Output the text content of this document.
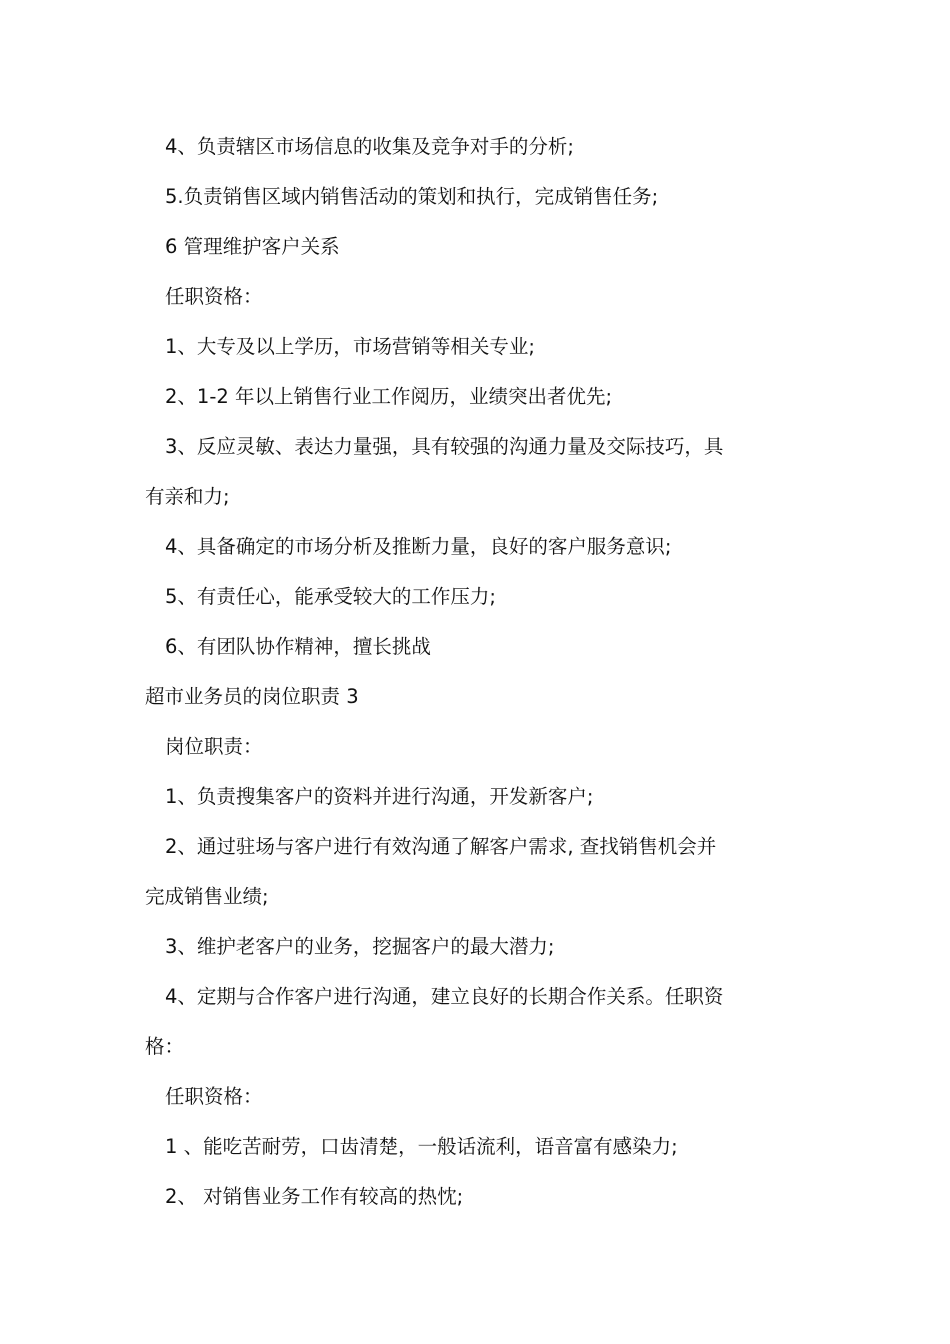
4、负责辖区市场信息的收集及竞争对手的分析;
5.负责销售区域内销售活动的策划和执行，完成销售任务;
6 管理维护客户关系
任职资格：
1、大专及以上学历，市场营销等相关专业;
2、1-2 年以上销售行业工作阅历，业绩突出者优先;
3、反应灵敏、表达力量强，具有较强的沟通力量及交际技巧，具
有亲和力;
4、具备确定的市场分析及推断力量，良好的客户服务意识;
5、有责任心，能承受较大的工作压力;
6、有团队协作精神，擅长挑战
超市业务员的岗位职责 3
岗位职责：
1、负责搜集客户的资料并进行沟通，开发新客户;
2、通过驻场与客户进行有效沟通了解客户需求, 查找销售机会并
完成销售业绩;
3、维护老客户的业务，挖掘客户的最大潜力;
4、定期与合作客户进行沟通，建立良好的长期合作关系。任职资
格：
任职资格：
1 、能吃苦耐劳，口齿清楚，一般话流利，语音富有感染力;
2、 对销售业务工作有较高的热忱;
